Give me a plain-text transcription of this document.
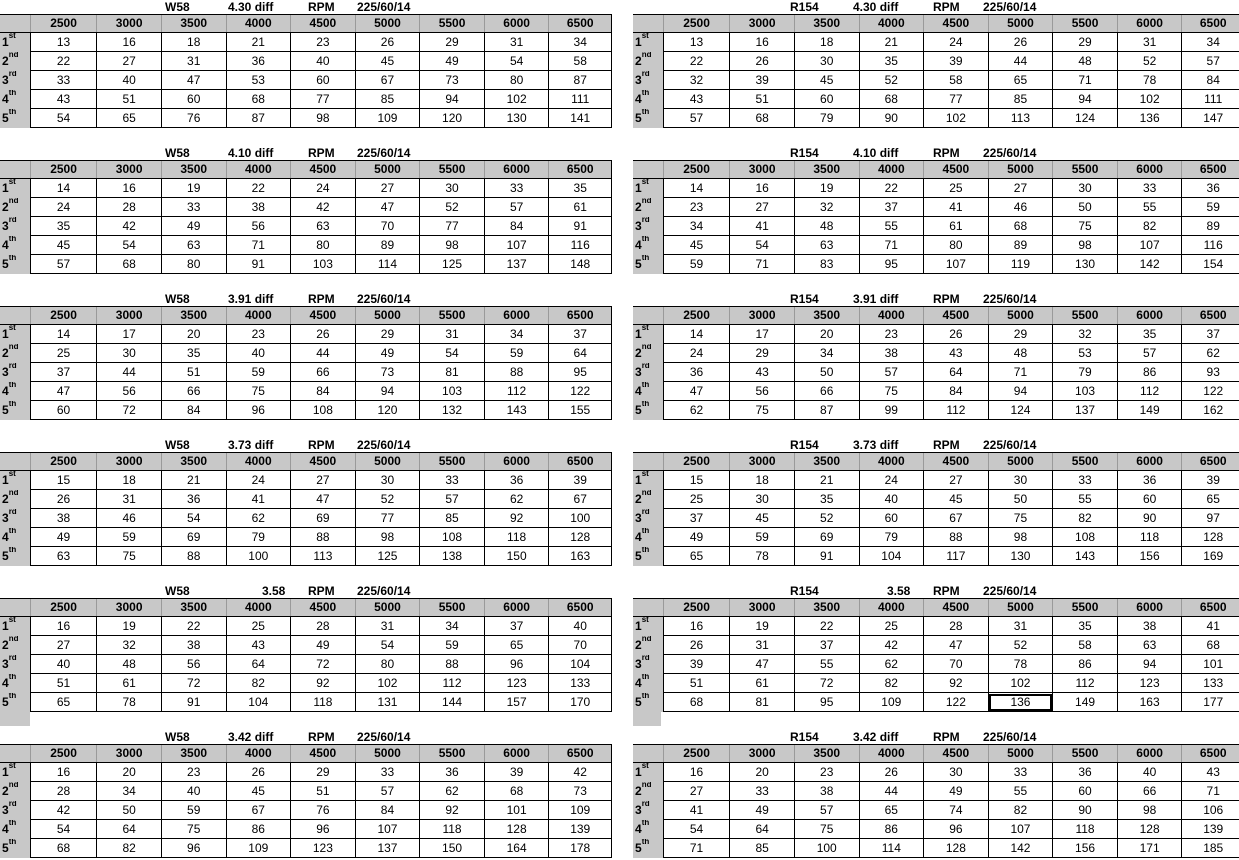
W58	4.30 diff	RPM 225/60/14
	2500	3000	3500	4000	4500	5000	5500	6000	6500
1st	13	16	18	21	23	26	29	31	34
2nd	22	27	31	36	40	45	49	54	58
3rd	33	40	47	53	60	67	73	80	87
4th	43	51	60	68	77	85	94	102	111
5th	54	65	76	87	98	109	120	130	141
R154	4.30 diff	RPM 225/60/14
	2500	3000	3500	4000	4500	5000	5500	6000	6500
1st	13	16	18	21	24	26	29	31	34
2nd	22	26	30	35	39	44	48	52	57
3rd	32	39	45	52	58	65	71	78	84
4th	43	51	60	68	77	85	94	102	111
5th	57	68	79	90	102	113	124	136	147
W58	4.10 diff	RPM 225/60/14
	2500	3000	3500	4000	4500	5000	5500	6000	6500
1st	14	16	19	22	24	27	30	33	35
2nd	24	28	33	38	42	47	52	57	61
3rd	35	42	49	56	63	70	77	84	91
4th	45	54	63	71	80	89	98	107	116
5th	57	68	80	91	103	114	125	137	148
R154	4.10 diff	RPM 225/60/14
	2500	3000	3500	4000	4500	5000	5500	6000	6500
1st	14	16	19	22	25	27	30	33	36
2nd	23	27	32	37	41	46	50	55	59
3rd	34	41	48	55	61	68	75	82	89
4th	45	54	63	71	80	89	98	107	116
5th	59	71	83	95	107	119	130	142	154
W58	3.91 diff	RPM 225/60/14
	2500	3000	3500	4000	4500	5000	5500	6000	6500
1st	14	17	20	23	26	29	31	34	37
2nd	25	30	35	40	44	49	54	59	64
3rd	37	44	51	59	66	73	81	88	95
4th	47	56	66	75	84	94	103	112	122
5th	60	72	84	96	108	120	132	143	155
R154	3.91 diff	RPM 225/60/14
	2500	3000	3500	4000	4500	5000	5500	6000	6500
1st	14	17	20	23	26	29	32	35	37
2nd	24	29	34	38	43	48	53	57	62
3rd	36	43	50	57	64	71	79	86	93
4th	47	56	66	75	84	94	103	112	122
5th	62	75	87	99	112	124	137	149	162
W58	3.73 diff	RPM 225/60/14
	2500	3000	3500	4000	4500	5000	5500	6000	6500
1st	15	18	21	24	27	30	33	36	39
2nd	26	31	36	41	47	52	57	62	67
3rd	38	46	54	62	69	77	85	92	100
4th	49	59	69	79	88	98	108	118	128
5th	63	75	88	100	113	125	138	150	163
R154	3.73 diff	RPM 225/60/14
	2500	3000	3500	4000	4500	5000	5500	6000	6500
1st	15	18	21	24	27	30	33	36	39
2nd	25	30	35	40	45	50	55	60	65
3rd	37	45	52	60	67	75	82	90	97
4th	49	59	69	79	88	98	108	118	128
5th	65	78	91	104	117	130	143	156	169
W58	3.58 RPM 225/60/14
	2500	3000	3500	4000	4500	5000	5500	6000	6500
1st	16	19	22	25	28	31	34	37	40
2nd	27	32	38	43	49	54	59	65	70
3rd	40	48	56	64	72	80	88	96	104
4th	51	61	72	82	92	102	112	123	133
5th	65	78	91	104	118	131	144	157	170
R154	3.58 RPM 225/60/14
	2500	3000	3500	4000	4500	5000	5500	6000	6500
1st	16	19	22	25	28	31	35	38	41
2nd	26	31	37	42	47	52	58	63	68
3rd	39	47	55	62	70	78	86	94	101
4th	51	61	72	82	92	102	112	123	133
5th	68	81	95	109	122	136	149	163	177
W58	3.42 diff	RPM 225/60/14
	2500	3000	3500	4000	4500	5000	5500	6000	6500
1st	16	20	23	26	29	33	36	39	42
2nd	28	34	40	45	51	57	62	68	73
3rd	42	50	59	67	76	84	92	101	109
4th	54	64	75	86	96	107	118	128	139
5th	68	82	96	109	123	137	150	164	178
R154	3.42 diff	RPM 225/60/14
	2500	3000	3500	4000	4500	5000	5500	6000	6500
1st	16	20	23	26	30	33	36	40	43
2nd	27	33	38	44	49	55	60	66	71
3rd	41	49	57	65	74	82	90	98	106
4th	54	64	75	86	96	107	118	128	139
5th	71	85	100	114	128	142	156	171	185
